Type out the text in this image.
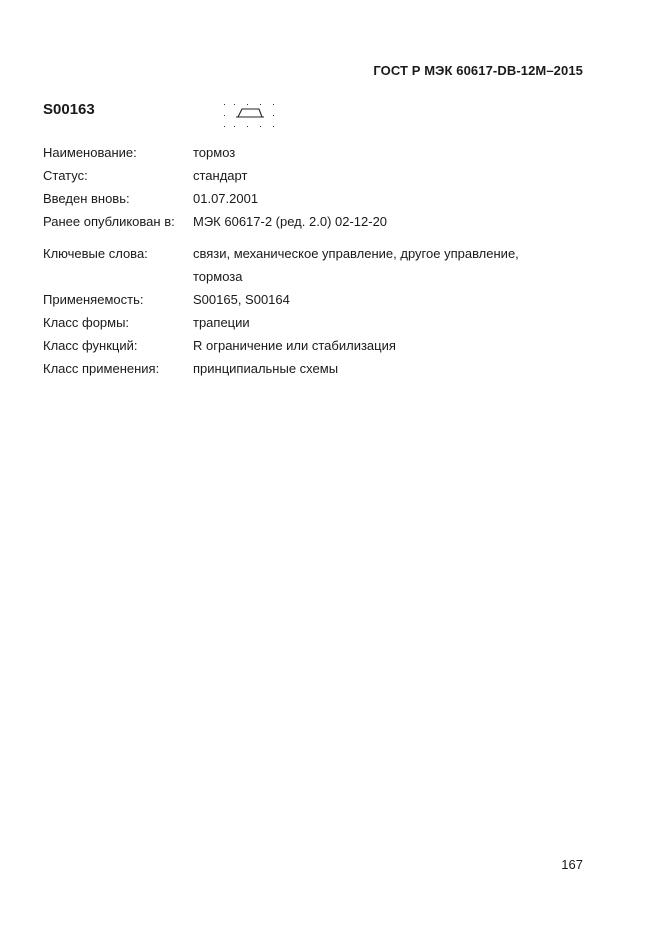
ГОСТ Р МЭК 60617-DB-12M–2015
S00163
Наименование:	тормоз
Статус:	стандарт
Введен вновь:	01.07.2001
Ранее опубликован в:	МЭК 60617-2 (ред. 2.0) 02-12-20
Ключевые слова:	связи, механическое управление, другое управление,
тормоза
Применяемость:	S00165, S00164
Класс формы:	трапеции
Класс функций:	R ограничение или стабилизация
Класс применения:	принципиальные схемы
167
